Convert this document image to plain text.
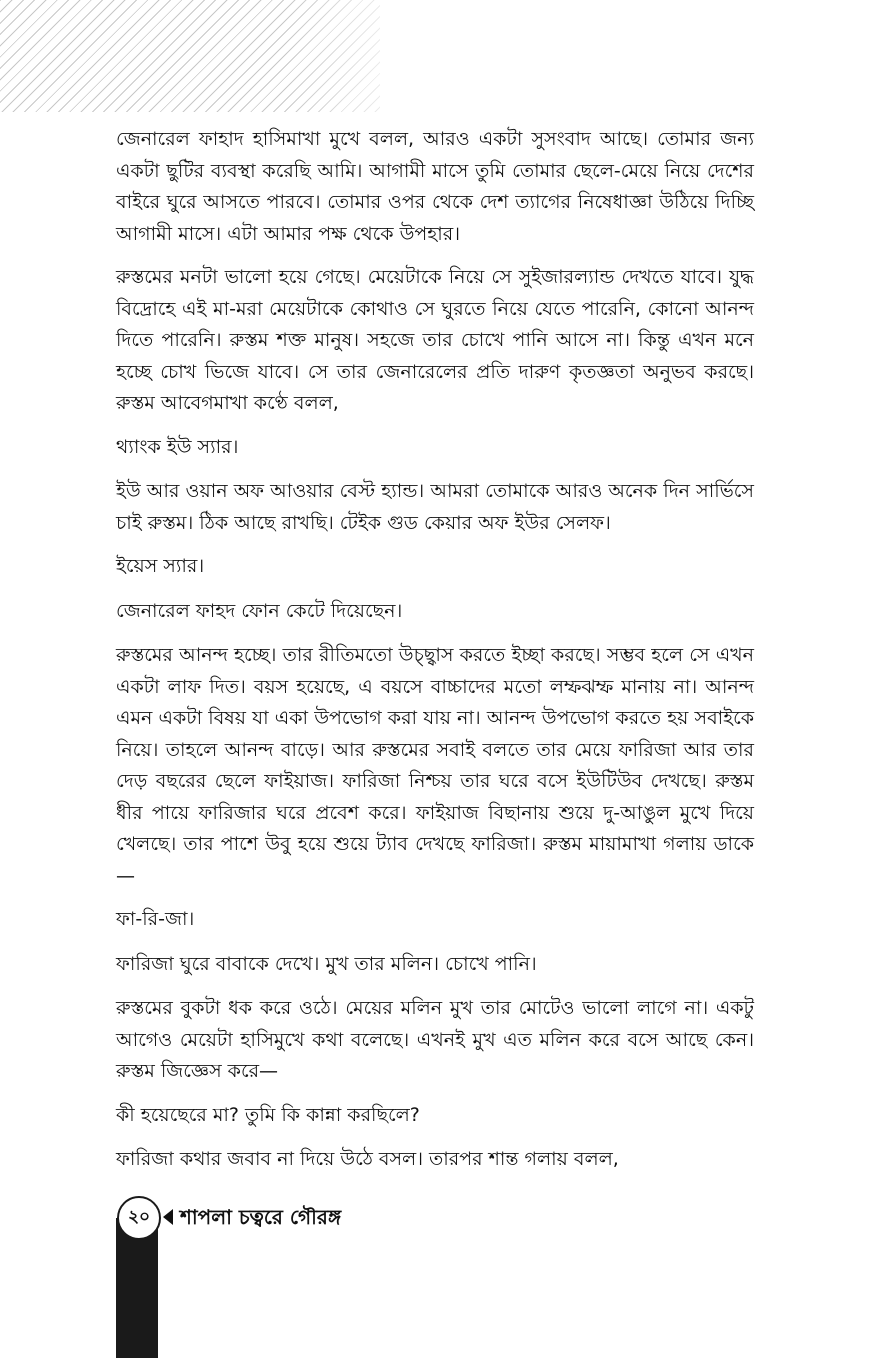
জেনারেল ফাহাদ হাসিমাখা মুখে বলল, আরও একটা সুসংবাদ আছে। তোমার জন্য একটা ছুটির ব্যবস্থা করেছি আমি। আগামী মাসে তুমি তোমার ছেলে-মেয়ে নিয়ে দেশের বাইরে ঘুরে আসতে পারবে। তোমার ওপর থেকে দেশ ত্যাগের নিষেধাজ্ঞা উঠিয়ে দিচ্ছি আগামী মাসে। এটা আমার পক্ষ থেকে উপহার।

রুস্তমের মনটা ভালো হয়ে গেছে। মেয়েটাকে নিয়ে সে সুইজারল্যান্ড দেখতে যাবে। যুদ্ধ বিদ্রোহে এই মা-মরা মেয়েটাকে কোথাও সে ঘুরতে নিয়ে যেতে পারেনি, কোনো আনন্দ দিতে পারেনি। রুস্তম শক্ত মানুষ। সহজে তার চোখে পানি আসে না। কিন্তু এখন মনে হচ্ছে চোখ ভিজে যাবে। সে তার জেনারেলের প্রতি দারুণ কৃতজ্ঞতা অনুভব করছে। রুস্তম আবেগমাখা কণ্ঠে বলল,

থ্যাংক ইউ স্যার।

ইউ আর ওয়ান অফ আওয়ার বেস্ট হ্যান্ড। আমরা তোমাকে আরও অনেক দিন সার্ভিসে চাই রুস্তম। ঠিক আছে রাখছি। টেইক গুড কেয়ার অফ ইউর সেলফ।

ইয়েস স্যার।

জেনারেল ফাহদ ফোন কেটে দিয়েছেন।

রুস্তমের আনন্দ হচ্ছে। তার রীতিমতো উচ্ছ্বাস করতে ইচ্ছা করছে। সম্ভব হলে সে এখন একটা লাফ দিত। বয়স হয়েছে, এ বয়সে বাচ্চাদের মতো লম্ফঝম্ফ মানায় না। আনন্দ এমন একটা বিষয় যা একা উপভোগ করা যায় না। আনন্দ উপভোগ করতে হয় সবাইকে নিয়ে। তাহলে আনন্দ বাড়ে। আর রুস্তমের সবাই বলতে তার মেয়ে ফারিজা আর তার দেড় বছরের ছেলে ফাইয়াজ। ফারিজা নিশ্চয় তার ঘরে বসে ইউটিউব দেখছে। রুস্তম ধীর পায়ে ফারিজার ঘরে প্রবেশ করে। ফাইয়াজ বিছানায় শুয়ে দু-আঙুল মুখে দিয়ে খেলছে। তার পাশে উবু হয়ে শুয়ে ট্যাব দেখছে ফারিজা। রুস্তম মায়ামাখা গলায় ডাকে—

ফা-রি-জা।

ফারিজা ঘুরে বাবাকে দেখে। মুখ তার মলিন। চোখে পানি।

রুস্তমের বুকটা ধক করে ওঠে। মেয়ের মলিন মুখ তার মোটেও ভালো লাগে না। একটু আগেও মেয়েটা হাসিমুখে কথা বলেছে। এখনই মুখ এত মলিন করে বসে আছে কেন। রুস্তম জিজ্ঞেস করে—

কী হয়েছেরে মা? তুমি কি কান্না করছিলে?

ফারিজা কথার জবাব না দিয়ে উঠে বসল। তারপর শান্ত গলায় বলল,

২০ শাপলা চত্বরে গৌরঙ্গ
